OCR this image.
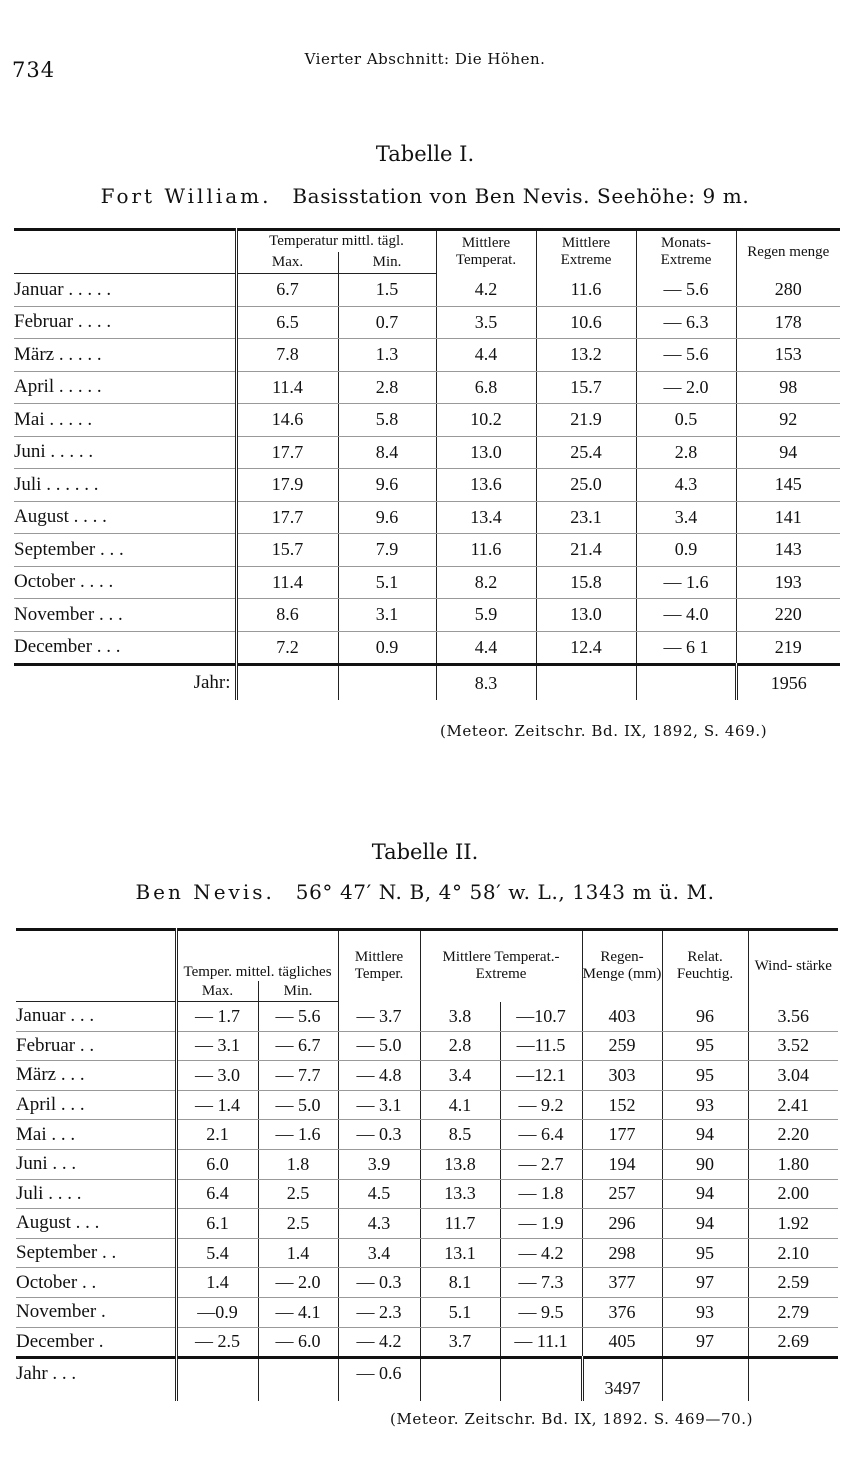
734	Vierter Abschnitt: Die Höhen.
Tabelle I.
Fort William. Basisstation von Ben Nevis. Seehöhe: 9 m.
	Temperatur mittl. tägl.		Mittlere Temperat.	Mittlere Extreme	Monats- Extreme	Regen menge
	Max.	Min.				
Januar . . . . .	6.7	1.5	4.2	11.6	— 5.6	280
Februar . . . .	6.5	0.7	3.5	10.6	— 6.3	178
März . . . . .	7.8	1.3	4.4	13.2	— 5.6	153
April . . . . .	11.4	2.8	6.8	15.7	— 2.0	98
Mai . . . . .	14.6	5.8	10.2	21.9	0.5	92
Juni . . . . .	17.7	8.4	13.0	25.4	2.8	94
Juli . . . . . .	17.9	9.6	13.6	25.0	4.3	145
August . . . .	17.7	9.6	13.4	23.1	3.4	141
September . . .	15.7	7.9	11.6	21.4	0.9	143
October . . . .	11.4	5.1	8.2	15.8	— 1.6	193
November . . .	8.6	3.1	5.9	13.0	— 4.0	220
December . . .	7.2	0.9	4.4	12.4	— 6 1	219
Jahr:			8.3			1956
(Meteor. Zeitschr. Bd. IX, 1892, S. 469.)
Tabelle II.
Ben Nevis. 56° 47′ N. B, 4° 58′ w. L., 1343 m ü. M.
	Temper. mittel. tägliches		Mittlere Temper.	Mittlere Temperat.- Extreme		Regen- Menge (mm)	Relat. Feuchtig.	Wind- stärke
	Max.	Min.						
Januar . . .	— 1.7	— 5.6	— 3.7	3.8	—10.7	403	96	3.56
Februar . .	— 3.1	— 6.7	— 5.0	2.8	—11.5	259	95	3.52
März . . .	— 3.0	— 7.7	— 4.8	3.4	—12.1	303	95	3.04
April . . .	— 1.4	— 5.0	— 3.1	4.1	— 9.2	152	93	2.41
Mai . . .	2.1	— 1.6	— 0.3	8.5	— 6.4	177	94	2.20
Juni . . .	6.0	1.8	3.9	13.8	— 2.7	194	90	1.80
Juli . . . .	6.4	2.5	4.5	13.3	— 1.8	257	94	2.00
August . . .	6.1	2.5	4.3	11.7	— 1.9	296	94	1.92
September . .	5.4	1.4	3.4	13.1	— 4.2	298	95	2.10
October . .	1.4	— 2.0	— 0.3	8.1	— 7.3	377	97	2.59
November .	—0.9	— 4.1	— 2.3	5.1	— 9.5	376	93	2.79
December .	— 2.5	— 6.0	— 4.2	3.7	— 11.1	405	97	2.69
Jahr . . .			— 0.6			3497		
(Meteor. Zeitschr. Bd. IX, 1892. S. 469—70.)
